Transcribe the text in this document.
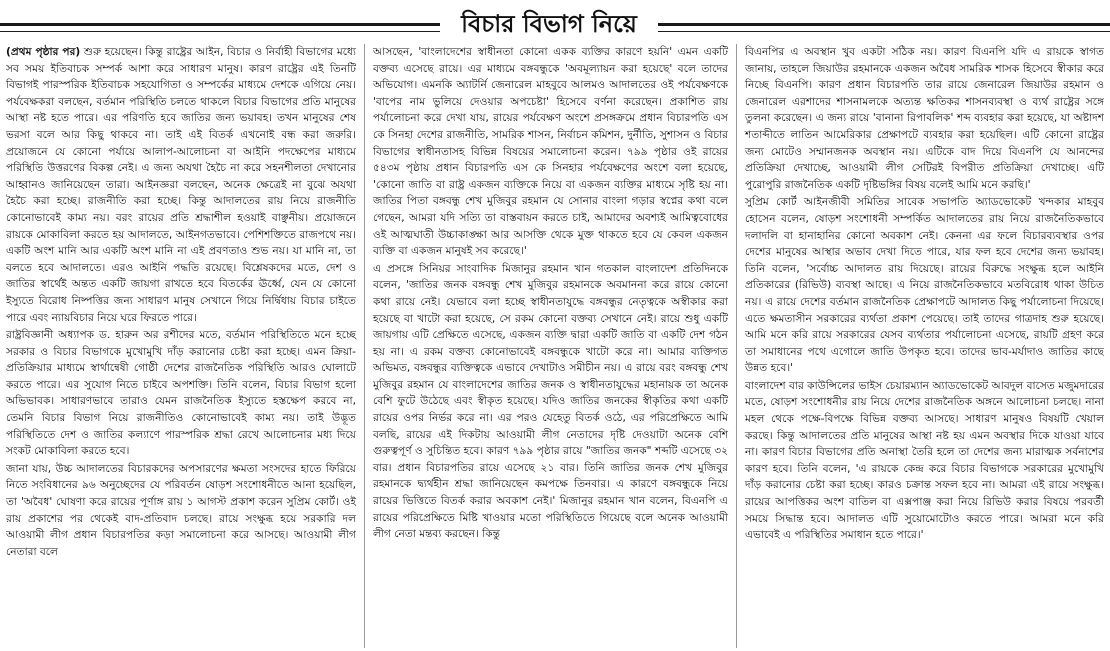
বিচার বিভাগ নিয়ে

(প্রথম পৃষ্ঠার পর) শুরু হয়েছেন। কিন্তু রাষ্ট্রের আইন, বিচার ও নির্বাহী বিভাগের মধ্যে সব সময় ইতিবাচক সম্পর্ক আশা করে সাধারণ মানুষ। কারণ রাষ্ট্রের এই তিনটি বিভাগই পারস্পরিক ইতিবাচক সহযোগিতা ও সম্পর্কের মাধ্যমে দেশকে এগিয়ে নেয়। পর্যবেক্ষকরা বলছেন, বর্তমান পরিস্থিতি চলতে থাকলে বিচার বিভাগের প্রতি মানুষের আস্থা নষ্ট হতে পারে। এর পরিণতি হবে জাতির জন্য ভয়াবহ। তখন মানুষের শেষ ভরসা বলে আর কিছু থাকবে না। তাই এই বিতর্ক এখনোই বন্ধ করা জরুরি। প্রয়োজনে যে কোনো পর্যায়ে আলাপ-আলোচনা বা আইনি পদক্ষেপের মাধ্যমে পরিস্থিতি উত্তরণের বিকল্প নেই। এ জন্য অযথা হৈচৈ না করে সহনশীলতা দেখানোর আহ্বানও জানিয়েছেন তারা। আইনজ্ঞরা বলছেন, অনেক ক্ষেত্রেই না বুঝে অযথা হৈচৈ করা হচ্ছে। রাজনীতি করা হচ্ছে। কিন্তু আদালতের রায় নিয়ে রাজনীতি কোনোভাবেই কাম্য নয়। বরং রায়ের প্রতি শ্রদ্ধাশীল হওয়াই বাঞ্ছনীয়। প্রয়োজনে রায়কে মোকাবিলা করতে হয় আদালতে, আইনগতভাবে। পেশিশক্তিতে রাজপথে নয়। একটি অংশ মানি আর একটি অংশ মানি না এই প্রবণতাও শুভ নয়। যা মানি না, তা বলতে হবে আদালতে। এরও আইনি পদ্ধতি রয়েছে। বিশ্লেষকদের মতে, দেশ ও জাতির স্বার্থেই অন্তত একটি জায়গা রাখতে হবে বিতর্কের ঊর্ধ্বে, যেন যে কোনো ইস্যুতে বিরোধ নিষ্পত্তির জন্য সাধারণ মানুষ সেখানে গিয়ে নির্দ্বিধায় বিচার চাইতে পারে এবং ন্যায়বিচার নিয়ে ঘরে ফিরতে পারে।

রাষ্ট্রবিজ্ঞানী অধ্যাপক ড. হারুন অর রশীদের মতে, বর্তমান পরিস্থিতিতে মনে হচ্ছে সরকার ও বিচার বিভাগকে মুখোমুখি দাঁড় করানোর চেষ্টা করা হচ্ছে। এমন ক্রিয়া-প্রতিক্রিয়ার মাধ্যমে স্বার্থান্বেষী গোষ্ঠী দেশের রাজনৈতিক পরিস্থিতি আরও ঘোলাটে করতে পারে। এর সুযোগ নিতে চাইবে অপশক্তি। তিনি বলেন, বিচার বিভাগ হলো অভিভাবক। সাধারণভাবে তারাও যেমন রাজনৈতিক ইস্যুতে হস্তক্ষেপ করবে না, তেমনি বিচার বিভাগ নিয়ে রাজনীতিও কোনোভাবেই কাম্য নয়। তাই উদ্ভূত পরিস্থিতিতে দেশ ও জাতির কল্যাণে পারস্পরিক শ্রদ্ধা রেখে আলোচনার মধ্য দিয়ে সংকট মোকাবিলা করতে হবে।

জানা যায়, উচ্চ আদালতের বিচারকদের অপসারণের ক্ষমতা সংসদের হাতে ফিরিয়ে নিতে সংবিধানের ৯৬ অনুচ্ছেদের যে পরিবর্তন ষোড়শ সংশোধনীতে আনা হয়েছিল, তা 'অবৈধ' ঘোষণা করে রায়ের পূর্ণাঙ্গ রায় ১ আগস্ট প্রকাশ করেন সুপ্রিম কোর্ট। ওই রায় প্রকাশের পর থেকেই বাদ-প্রতিবাদ চলছে। রায়ে সংক্ষুব্ধ হয়ে সরকারি দল আওয়ামী লীগ প্রধান বিচারপতির কড়া সমালোচনা করে আসছে। আওয়ামী লীগ নেতারা বলে

আসছেন, 'বাংলাদেশের স্বাধীনতা কোনো একক ব্যক্তির কারণে হয়নি' এমন একটি বক্তব্য এসেছে রায়ে। এর মাধ্যমে বঙ্গবন্ধুকে 'অবমূল্যায়ন করা হয়েছে' বলে তাদের অভিযোগ। এমনকি অ্যাটর্নি জেনারেল মাহবুবে আলমও আদালতের ওই পর্যবেক্ষণকে 'বাপের নাম ভুলিয়ে দেওয়ার অপচেষ্টা' হিসেবে বর্ণনা করেছেন। প্রকাশিত রায় পর্যালোচনা করে দেখা যায়, রায়ের পর্যবেক্ষণ অংশে প্রসঙ্গক্রমে প্রধান বিচারপতি এস কে সিনহা দেশের রাজনীতি, সামরিক শাসন, নির্বাচন কমিশন, দুর্নীতি, সুশাসন ও বিচার বিভাগের স্বাধীনতাসহ বিভিন্ন বিষয়ের সমালোচনা করেন। ৭৯৯ পৃষ্ঠার ওই রায়ের ৫৪৩ম পৃষ্ঠায় প্রধান বিচারপতি এস কে সিনহার পর্যবেক্ষণের অংশে বলা হয়েছে, 'কোনো জাতি বা রাষ্ট্র একজন ব্যক্তিকে নিয়ে বা একজন ব্যক্তির মাধ্যমে সৃষ্টি হয় না। জাতির পিতা বঙ্গবন্ধু শেখ মুজিবুর রহমান যে সোনার বাংলা গড়ার স্বপ্নের কথা বলে গেছেন, আমরা যদি সত্যি তা বাস্তবায়ন করতে চাই, আমাদের অবশ্যই আমিত্ববোধের ওই আত্মঘাতী উচ্চাকাঙ্ক্ষা আর আসক্তি থেকে মুক্ত থাকতে হবে যে কেবল একজন ব্যক্তি বা একজন মানুষই সব করেছে।'

এ প্রসঙ্গে সিনিয়র সাংবাদিক মিজানুর রহমান খান গতকাল বাংলাদেশ প্রতিদিনকে বলেন, 'জাতির জনক বঙ্গবন্ধু শেখ মুজিবুর রহমানকে অবমাননা করে রায়ে কোনো কথা রায়ে নেই। যেভাবে বলা হচ্ছে স্বাধীনতাযুদ্ধে বঙ্গবন্ধুর নেতৃত্বকে অস্বীকার করা হয়েছে বা খাটো করা হয়েছে, সে রকম কোনো বক্তব্য সেখানে নেই। রায়ে শুধু একটি জায়গায় এটি প্রেক্ষিতে এসেছে, একজন ব্যক্তি দ্বারা একটি জাতি বা একটি দেশ গঠন হয় না। এ রকম বক্তব্য কোনোভাবেই বঙ্গবন্ধুকে খাটো করে না। আমার ব্যক্তিগত অভিমত, বঙ্গবন্ধুর ব্যক্তিত্বকে এভাবে দেখাটাও সমীচীন নয়। এ রায়ে বরং বঙ্গবন্ধু শেখ মুজিবুর রহমান যে বাংলাদেশের জাতির জনক ও স্বাধীনতাযুদ্ধের মহানায়ক তা অনেক বেশি ফুটে উঠেছে এবং স্বীকৃত হয়েছে। যদিও জাতির জনকের স্বীকৃতির কথা একটি রায়ের ওপর নির্ভর করে না। এর পরও যেহেতু বিতর্ক ওঠে, এর পরিপ্রেক্ষিতে আমি বলছি, রায়ের এই দিকটায় আওয়ামী লীগ নেতাদের দৃষ্টি দেওয়াটা অনেক বেশি গুরুত্বপূর্ণ ও সুচিন্তিত হবে। কারণ ৭৯৯ পৃষ্ঠার রায়ে "জাতির জনক" শব্দটি এসেছে ৩২ বার। প্রধান বিচারপতির রায়ে এসেছে ২১ বার। তিনি জাতির জনক শেখ মুজিবুর রহমানকে দ্ব্যর্থহীন শ্রদ্ধা জানিয়েছেন কমপক্ষে তিনবার। এ কারণে বঙ্গবন্ধুকে নিয়ে রায়ের ভিত্তিতে বিতর্ক করার অবকাশ নেই।' মিজানুর রহমান খান বলেন, বিএনপি এ রায়ের পরিপ্রেক্ষিতে মিষ্টি খাওয়ার মতো পরিস্থিতিতে গিয়েছে বলে অনেক আওয়ামী লীগ নেতা মন্তব্য করছেন। কিন্তু

বিএনপির এ অবস্থান খুব একটা সঠিক নয়। কারণ বিএনপি যদি এ রায়কে স্বাগত জানায়, তাহলে জিয়াউর রহমানকে একজন অবৈধ সামরিক শাসক হিসেবে স্বীকার করে নিচ্ছে বিএনপি। কারণ প্রধান বিচারপতি তার রায়ে জেনারেল জিয়াউর রহমান ও জেনারেল এরশাদের শাসনামলকে অত্যন্ত ক্ষতিকর শাসনব্যবস্থা ও ব্যর্থ রাষ্ট্রের সঙ্গে তুলনা করেছেন। এ জন্য রায়ে 'বানানা রিপাবলিক' শব্দ ব্যবহার করা হয়েছে, যা অষ্টাদশ শতাব্দীতে লাতিন আমেরিকার প্রেক্ষাপটে ব্যবহার করা হয়েছিল। এটি কোনো রাষ্ট্রের জন্য মোটেও সম্মানজনক অবস্থান নয়। এটিকে বাদ দিয়ে বিএনপি যে আনন্দের প্রতিক্রিয়া দেখাচ্ছে, আওয়ামী লীগ সেটিরই বিপরীত প্রতিক্রিয়া দেখাচ্ছে। এটি পুরোপুরি রাজনৈতিক একটি দৃষ্টিভঙ্গির বিষয় বলেই আমি মনে করছি।'

সুপ্রিম কোর্ট আইনজীবী সমিতির সাবেক সভাপতি অ্যাডভোকেট খন্দকার মাহবুব হোসেন বলেন, ষোড়শ সংশোধনী সম্পর্কিত আদালতের রায় নিয়ে রাজনৈতিকভাবে দলাদলি বা হানাহানির কোনো অবকাশ নেই। কেননা এর ফলে বিচারব্যবস্থার ওপর দেশের মানুষের আস্থার অভাব দেখা দিতে পারে, যার ফল হবে দেশের জন্য ভয়াবহ। তিনি বলেন, 'সর্বোচ্চ আদালত রায় দিয়েছে। রায়ের বিরুদ্ধে সংক্ষুব্ধ হলে আইনি প্রতিকারের (রিভিউ) ব্যবস্থা আছে। এ নিয়ে রাজনৈতিকভাবে মতবিরোধ থাকা উচিত নয়। এ রায়ে দেশের বর্তমান রাজনৈতিক প্রেক্ষাপটে আদালত কিছু পর্যালোচনা দিয়েছে। এতে ক্ষমতাসীন সরকারের ব্যর্থতা প্রকাশ পেয়েছে। তাই তাদের গাত্রদাহ শুরু হয়েছে। আমি মনে করি রায়ে সরকারের যেসব ব্যর্থতার পর্যালোচনা এসেছে, রায়টি গ্রহণ করে তা সমাধানের পথে এগোলে জাতি উপকৃত হবে। তাদের ভাব-মর্যাদাও জাতির কাছে উন্নত হবে।'

বাংলাদেশ বার কাউন্সিলের ভাইস চেয়ারম্যান অ্যাডভোকেট আবদুল বাসেত মজুমদারের মতে, ষোড়শ সংশোধনীর রায় নিয়ে দেশের রাজনৈতিক অঙ্গনে আলোচনা চলছে। নানা মহল থেকে পক্ষে-বিপক্ষে বিভিন্ন বক্তব্য আসছে। সাধারণ মানুষও বিষয়টি খেয়াল করছে। কিন্তু আদালতের প্রতি মানুষের আস্থা নষ্ট হয় এমন অবস্থার দিকে যাওয়া যাবে না। কারণ বিচার বিভাগের প্রতি অনাস্থা তৈরি হলে তা দেশের জন্য মারাত্মক সর্বনাশের কারণ হবে। তিনি বলেন, 'এ রায়কে কেন্দ্র করে বিচার বিভাগকে সরকারের মুখোমুখি দাঁড় করানোর চেষ্টা করা হচ্ছে। কারও চক্রান্ত সফল হবে না। আমরা এই রায়ে সংক্ষুব্ধ। রায়ের আপত্তিকর অংশ বাতিল বা এক্সপাঞ্জ করা নিয়ে রিভিউ করার বিষয়ে পরবর্তী সময়ে সিদ্ধান্ত হবে। আদালত এটি সুয়োমোটোও করতে পারে। আমরা মনে করি এভাবেই এ পরিস্থিতির সমাধান হতে পারে।'
